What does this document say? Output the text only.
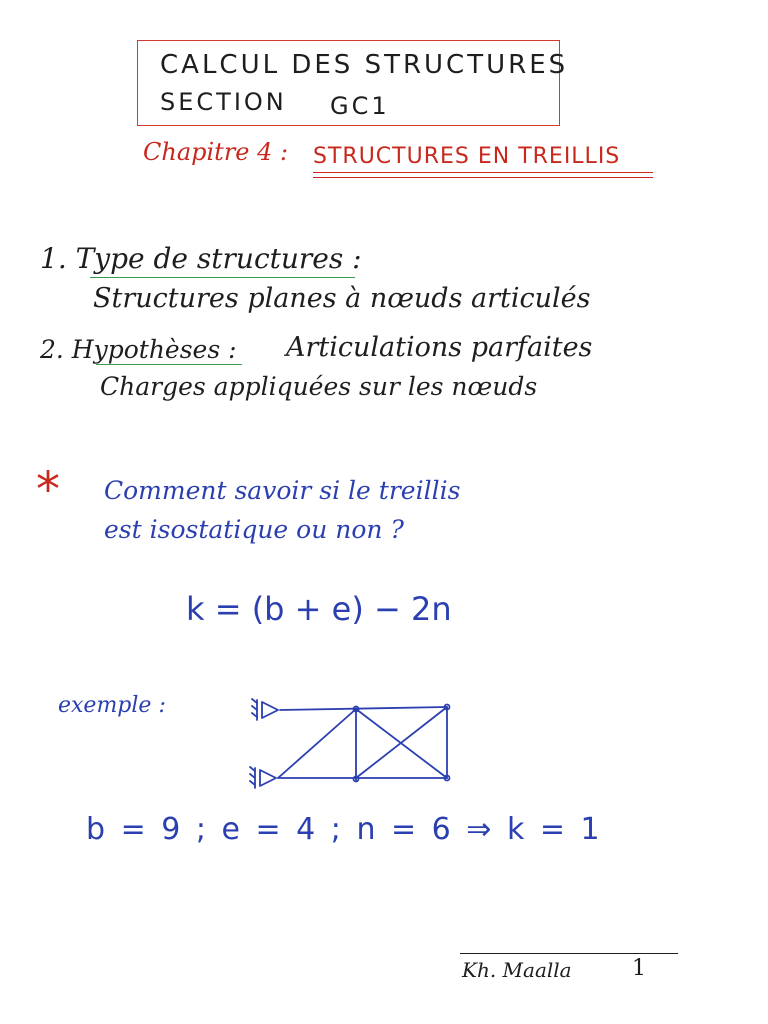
CALCUL DES STRUCTURES
SECTION GC1
Chapitre 4 : STRUCTURES EN TREILLIS
1. Type de structures :
Structures planes à nœuds articulés
2. Hypothèses : Articulations parfaites
Charges appliquées sur les nœuds
* Comment savoir si le treillis
est isostatique ou non ?
k = (b + e) − 2n
exemple :
b = 9 ; e = 4 ; n = 6 ⇒ k = 1
Kh. Maalla	1
